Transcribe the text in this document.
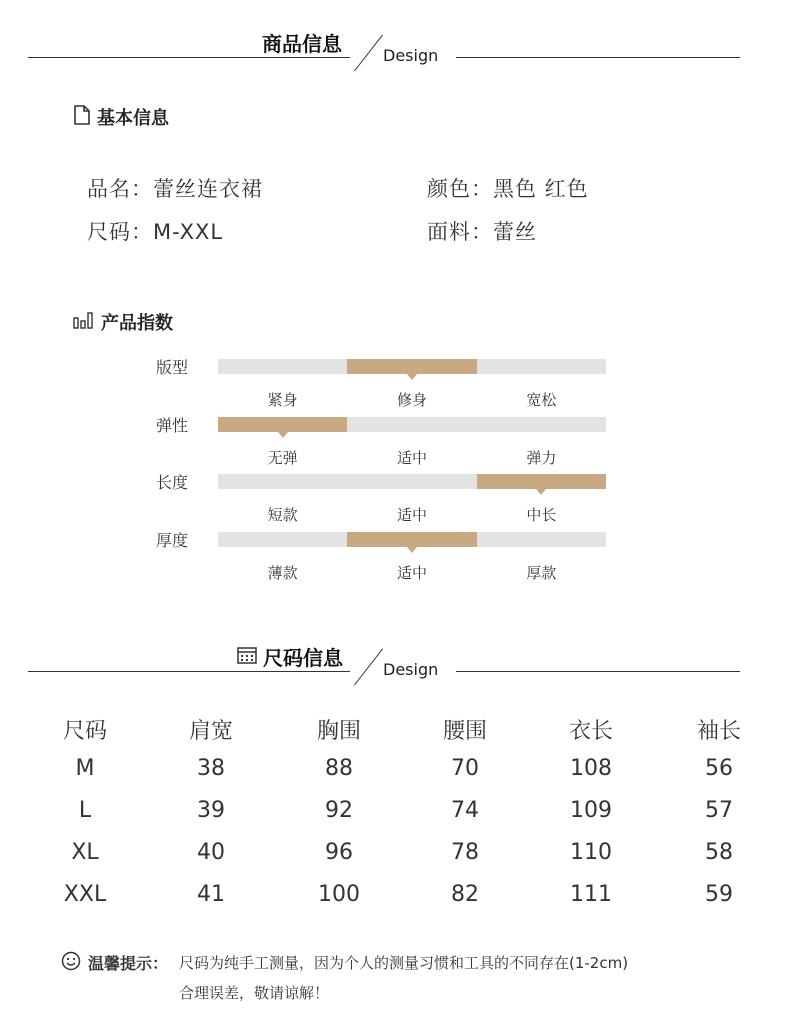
商品信息	Design
基本信息
品名：蕾丝连衣裙	颜色：黑色 红色
尺码：M-XXL	面料：蕾丝
产品指数
版型
紧身	修身	宽松
弹性
无弹	适中	弹力
长度
短款	适中	中长
厚度
薄款	适中	厚款
尺码信息	Design
尺码	肩宽	胸围	腰围	衣长	袖长
M	38	88	70	108	56
L	39	92	74	109	57
XL	40	96	78	110	58
XXL	41	100	82	111	59
温馨提示： 尺码为纯手工测量，因为个人的测量习惯和工具的不同存在(1-2cm)
合理误差，敬请谅解！
